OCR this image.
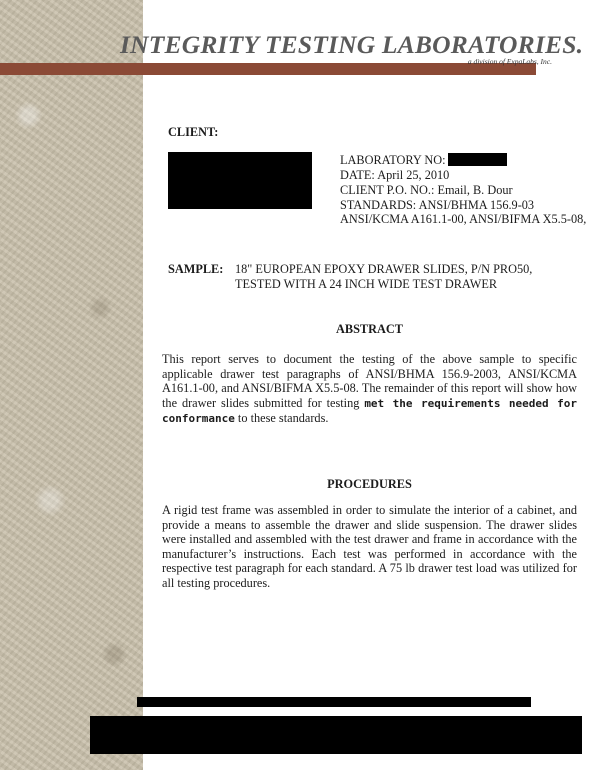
INTEGRITY TESTING LABORATORIES.
a division of ExpaLabs, Inc.
CLIENT:
LABORATORY NO:
DATE: April 25, 2010
CLIENT P.O. NO.: Email, B. Dour
STANDARDS: ANSI/BHMA 156.9-03
ANSI/KCMA A161.1-00, ANSI/BIFMA X5.5-08,
SAMPLE: 18" EUROPEAN EPOXY DRAWER SLIDES, P/N PRO50,
TESTED WITH A 24 INCH WIDE TEST DRAWER
ABSTRACT
This report serves to document the testing of the above sample to specific applicable drawer test paragraphs of ANSI/BHMA 156.9-2003, ANSI/KCMA A161.1-00, and ANSI/BIFMA X5.5-08. The remainder of this report will show how the drawer slides submitted for testing met the requirements needed for conformance to these standards.
PROCEDURES
A rigid test frame was assembled in order to simulate the interior of a cabinet, and provide a means to assemble the drawer and slide suspension. The drawer slides were installed and assembled with the test drawer and frame in accordance with the manufacturer’s instructions. Each test was performed in accordance with the respective test paragraph for each standard. A 75 lb drawer test load was utilized for all testing procedures.
